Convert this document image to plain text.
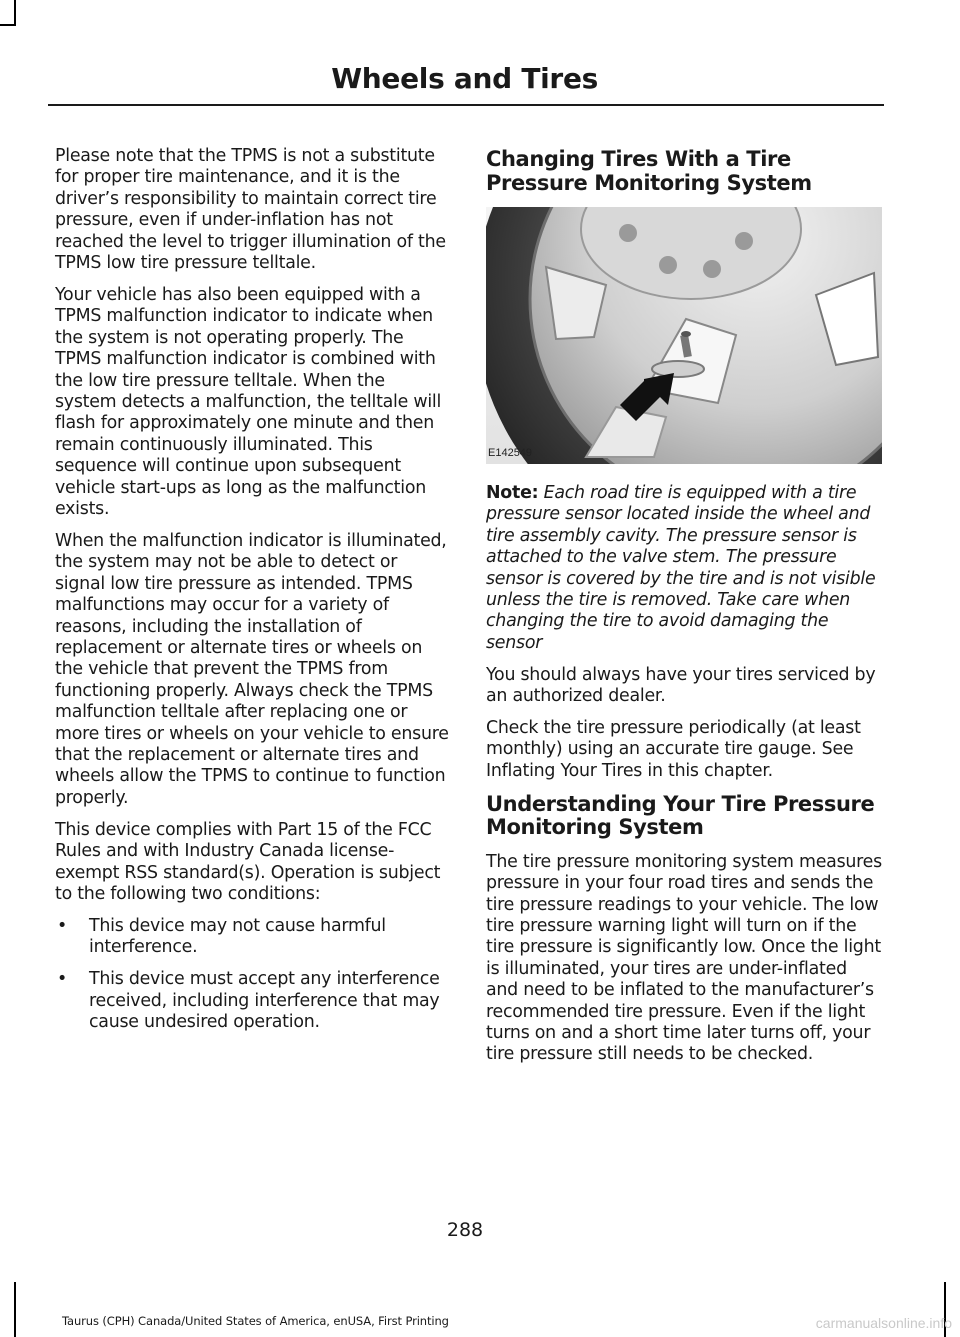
Wheels and Tires

Please note that the TPMS is not a substitute for proper tire maintenance, and it is the driver’s responsibility to maintain correct tire pressure, even if under-inflation has not reached the level to trigger illumination of the TPMS low tire pressure telltale.

Your vehicle has also been equipped with a TPMS malfunction indicator to indicate when the system is not operating properly. The TPMS malfunction indicator is combined with the low tire pressure telltale. When the system detects a malfunction, the telltale will flash for approximately one minute and then remain continuously illuminated. This sequence will continue upon subsequent vehicle start-ups as long as the malfunction exists.

When the malfunction indicator is illuminated, the system may not be able to detect or signal low tire pressure as intended. TPMS malfunctions may occur for a variety of reasons, including the installation of replacement or alternate tires or wheels on the vehicle that prevent the TPMS from functioning properly. Always check the TPMS malfunction telltale after replacing one or more tires or wheels on your vehicle to ensure that the replacement or alternate tires and wheels allow the TPMS to continue to function properly.

This device complies with Part 15 of the FCC Rules and with Industry Canada license-exempt RSS standard(s). Operation is subject to the following two conditions:

• This device may not cause harmful interference.
• This device must accept any interference received, including interference that may cause undesired operation.
Changing Tires With a Tire Pressure Monitoring System
E142549

Note: Each road tire is equipped with a tire pressure sensor located inside the wheel and tire assembly cavity. The pressure sensor is attached to the valve stem. The pressure sensor is covered by the tire and is not visible unless the tire is removed. Take care when changing the tire to avoid damaging the sensor

You should always have your tires serviced by an authorized dealer.

Check the tire pressure periodically (at least monthly) using an accurate tire gauge. See Inflating Your Tires in this chapter.

Understanding Your Tire Pressure Monitoring System

The tire pressure monitoring system measures pressure in your four road tires and sends the tire pressure readings to your vehicle. The low tire pressure warning light will turn on if the tire pressure is significantly low. Once the light is illuminated, your tires are under-inflated and need to be inflated to the manufacturer’s recommended tire pressure. Even if the light turns on and a short time later turns off, your tire pressure still needs to be checked.

288
Taurus (CPH) Canada/United States of America, enUSA, First Printing	carmanualsonline.info
